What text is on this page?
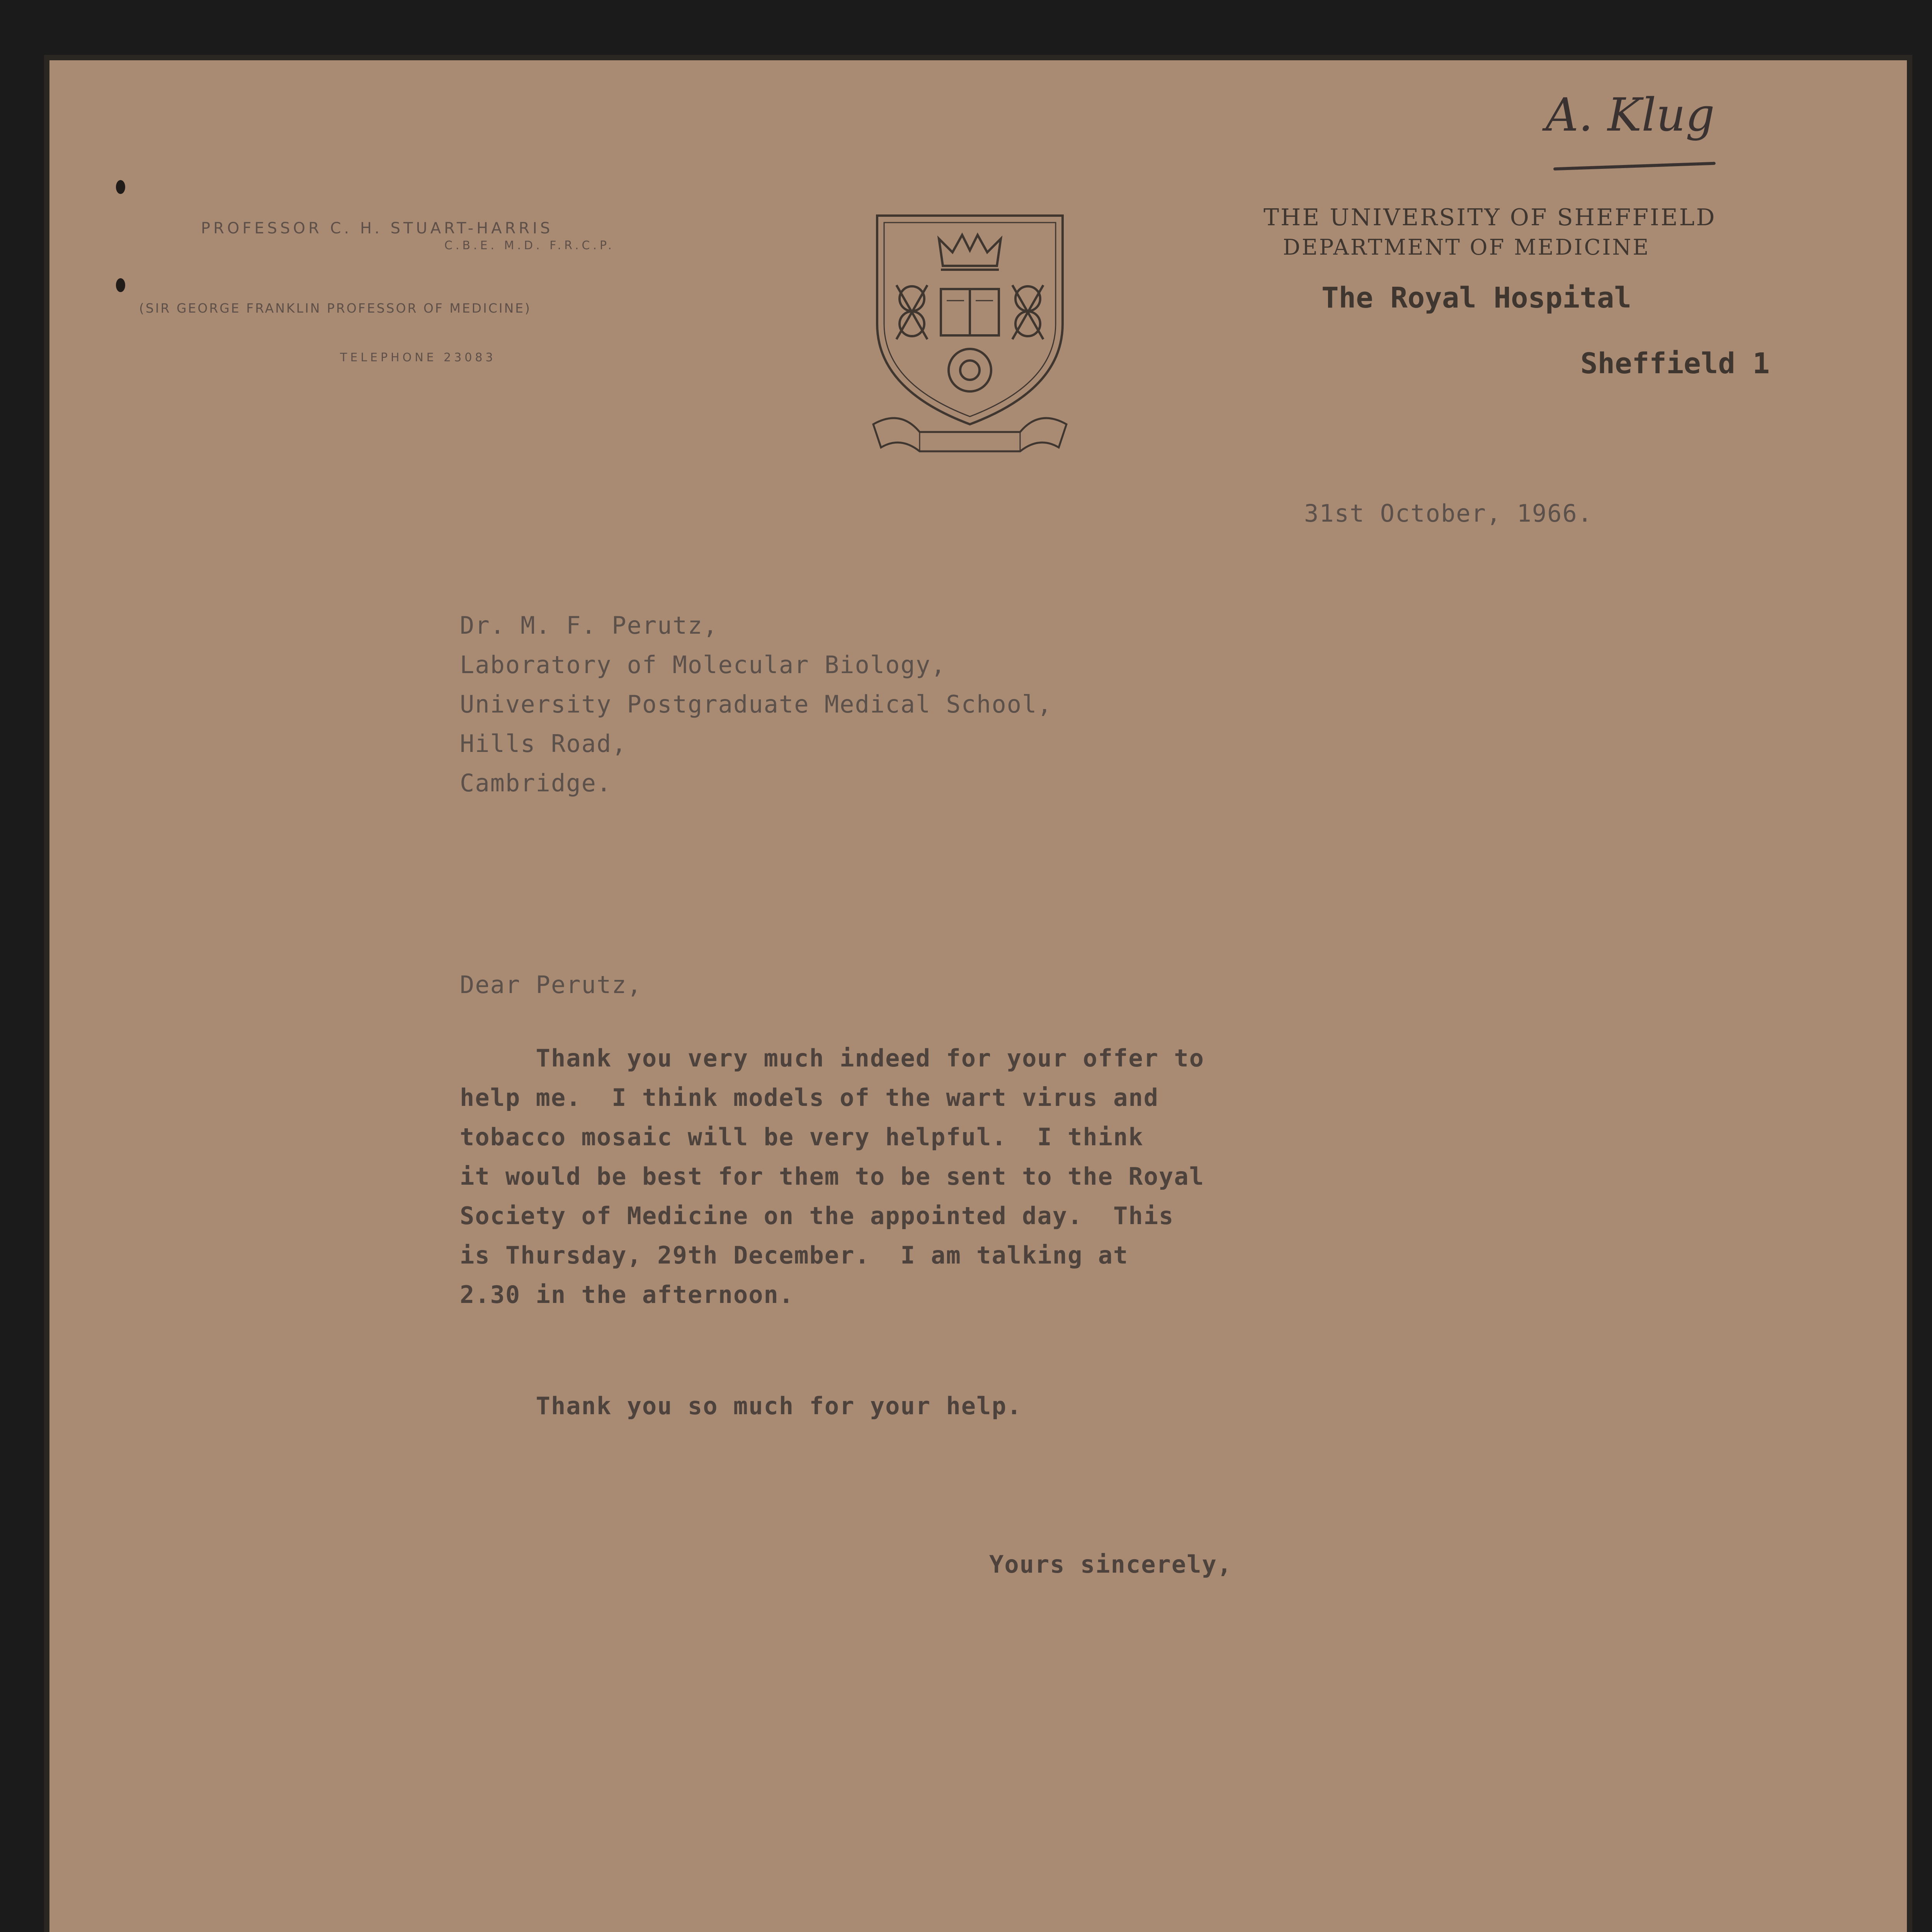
A. Klug
PROFESSOR C. H. STUART-HARRIS
C.B.E. M.D. F.R.C.P.
(SIR GEORGE FRANKLIN PROFESSOR OF MEDICINE)
TELEPHONE 23083
THE UNIVERSITY OF SHEFFIELD
DEPARTMENT OF MEDICINE
The Royal Hospital
Sheffield 1
31st October, 1966.
Dr. M. F. Perutz,
Laboratory of Molecular Biology,
University Postgraduate Medical School,
Hills Road,
Cambridge.
Dear Perutz,
Thank you very much indeed for your offer to
help me.  I think models of the wart virus and
tobacco mosaic will be very helpful.  I think
it would be best for them to be sent to the Royal
Society of Medicine on the appointed day.  This
is Thursday, 29th December.  I am talking at
2.30 in the afternoon.
Thank you so much for your help.
Yours sincerely,
